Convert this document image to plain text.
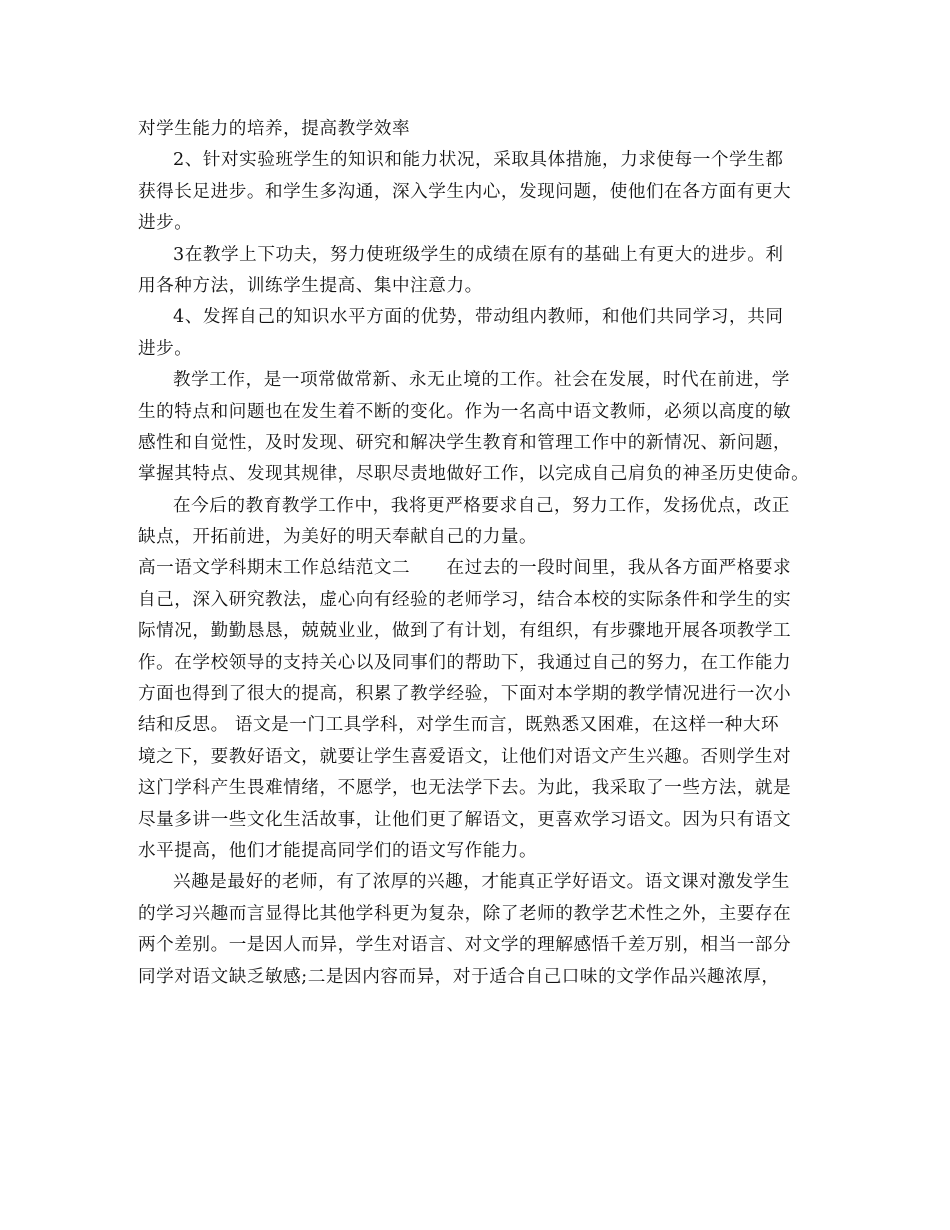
对学生能力的培养，提高教学效率
2、针对实验班学生的知识和能力状况，采取具体措施，力求使每一个学生都
获得长足进步。和学生多沟通，深入学生内心，发现问题，使他们在各方面有更大
进步。
3在教学上下功夫，努力使班级学生的成绩在原有的基础上有更大的进步。利
用各种方法，训练学生提高、集中注意力。
4、发挥自己的知识水平方面的优势，带动组内教师，和他们共同学习，共同
进步。
教学工作，是一项常做常新、永无止境的工作。社会在发展，时代在前进，学
生的特点和问题也在发生着不断的变化。作为一名高中语文教师，必须以高度的敏
感性和自觉性，及时发现、研究和解决学生教育和管理工作中的新情况、新问题，
掌握其特点、发现其规律，尽职尽责地做好工作，以完成自己肩负的神圣历史使命。
在今后的教育教学工作中，我将更严格要求自己，努力工作，发扬优点，改正
缺点，开拓前进，为美好的明天奉献自己的力量。
高一语文学科期末工作总结范文二　　在过去的一段时间里，我从各方面严格要求
自己，深入研究教法，虚心向有经验的老师学习，结合本校的实际条件和学生的实
际情况，勤勤恳恳，兢兢业业，做到了有计划，有组织，有步骤地开展各项教学工
作。在学校领导的支持关心以及同事们的帮助下，我通过自己的努力，在工作能力
方面也得到了很大的提高，积累了教学经验，下面对本学期的教学情况进行一次小
结和反思。 语文是一门工具学科，对学生而言，既熟悉又困难，在这样一种大环
境之下，要教好语文，就要让学生喜爱语文，让他们对语文产生兴趣。否则学生对
这门学科产生畏难情绪，不愿学，也无法学下去。为此，我采取了一些方法，就是
尽量多讲一些文化生活故事，让他们更了解语文，更喜欢学习语文。因为只有语文
水平提高，他们才能提高同学们的语文写作能力。
兴趣是最好的老师，有了浓厚的兴趣，才能真正学好语文。语文课对激发学生
的学习兴趣而言显得比其他学科更为复杂，除了老师的教学艺术性之外，主要存在
两个差别。一是因人而异，学生对语言、对文学的理解感悟千差万别，相当一部分
同学对语文缺乏敏感;二是因内容而异，对于适合自己口味的文学作品兴趣浓厚，
